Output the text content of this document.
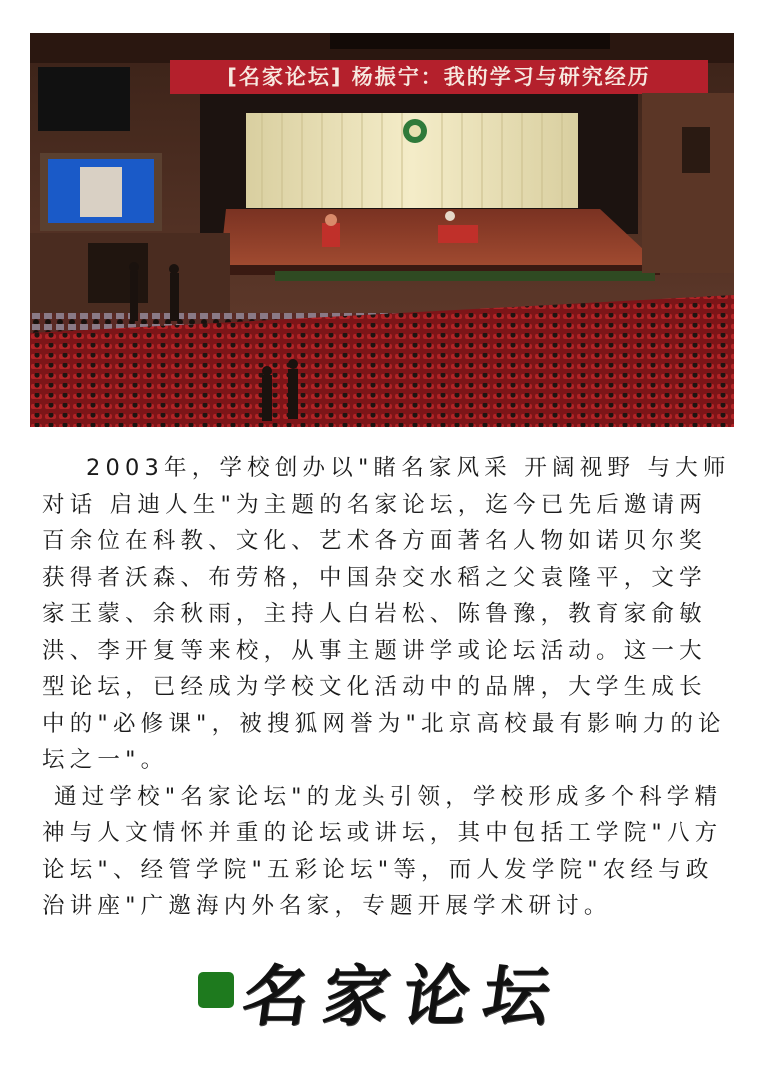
[名家论坛] 杨振宁：我的学习与研究经历

2003年，学校创办以"睹名家风采 开阔视野 与大师对话 启迪人生"为主题的名家论坛，迄今已先后邀请两百余位在科教、文化、艺术各方面著名人物如诺贝尔奖获得者沃森、布劳格，中国杂交水稻之父袁隆平，文学家王蒙、余秋雨，主持人白岩松、陈鲁豫，教育家俞敏洪、李开复等来校，从事主题讲学或论坛活动。这一大型论坛，已经成为学校文化活动中的品牌，大学生成长中的"必修课"，被搜狐网誉为"北京高校最有影响力的论坛之一"。

通过学校"名家论坛"的龙头引领，学校形成多个科学精神与人文情怀并重的论坛或讲坛，其中包括工学院"八方论坛"、经管学院"五彩论坛"等，而人发学院"农经与政治讲座"广邀海内外名家，专题开展学术研讨。

名家论坛
